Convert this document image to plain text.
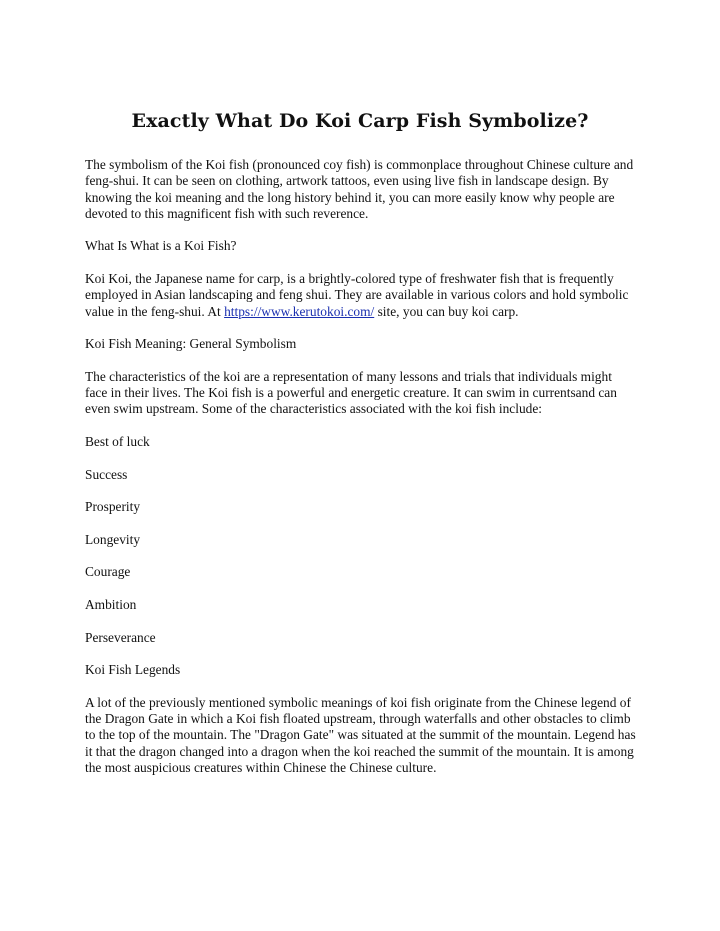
Exactly What Do Koi Carp Fish Symbolize?

The symbolism of the Koi fish (pronounced coy fish) is commonplace throughout Chinese culture and feng-shui. It can be seen on clothing, artwork tattoos, even using live fish in landscape design. By knowing the koi meaning and the long history behind it, you can more easily know why people are devoted to this magnificent fish with such reverence.

What Is What is a Koi Fish?

Koi Koi, the Japanese name for carp, is a brightly-colored type of freshwater fish that is frequently employed in Asian landscaping and feng shui. They are available in various colors and hold symbolic value in the feng-shui. At https://www.kerutokoi.com/ site, you can buy koi carp.

Koi Fish Meaning: General Symbolism

The characteristics of the koi are a representation of many lessons and trials that individuals might face in their lives. The Koi fish is a powerful and energetic creature. It can swim in currentsand can even swim upstream. Some of the characteristics associated with the koi fish include:

Best of luck

Success

Prosperity

Longevity

Courage

Ambition

Perseverance

Koi Fish Legends

A lot of the previously mentioned symbolic meanings of koi fish originate from the Chinese legend of the Dragon Gate in which a Koi fish floated upstream, through waterfalls and other obstacles to climb to the top of the mountain. The "Dragon Gate" was situated at the summit of the mountain. Legend has it that the dragon changed into a dragon when the koi reached the summit of the mountain. It is among the most auspicious creatures within Chinese the Chinese culture.
